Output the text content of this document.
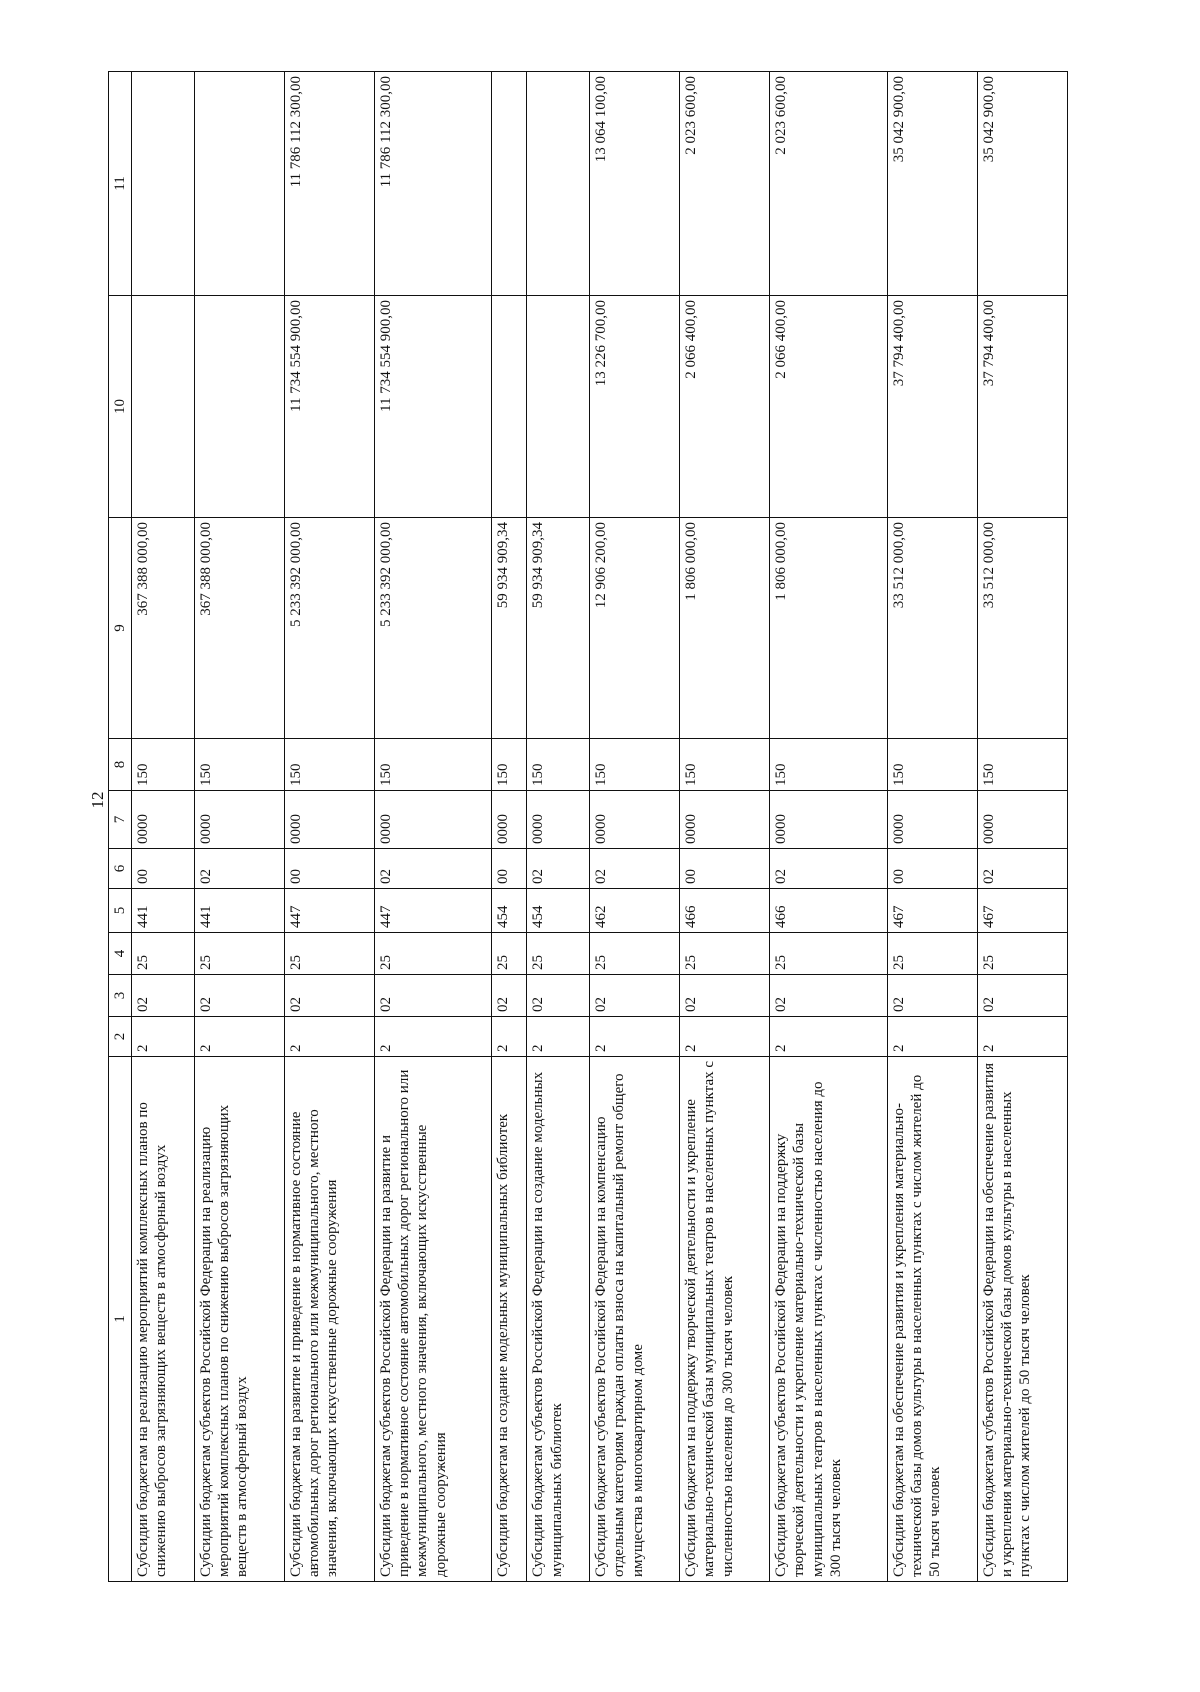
12
1	2	3	4	5	6	7	8	9	10	11
Субсидии бюджетам на реализацию мероприятий комплексных планов по снижению выбросов загрязняющих веществ в атмосферный воздух	2	02	25	441	00	0000	150	367 388 000,00		
Субсидии бюджетам субъектов Российской Федерации на реализацию мероприятий комплексных планов по снижению выбросов загрязняющих веществ в атмосферный воздух	2	02	25	441	02	0000	150	367 388 000,00		
Субсидии бюджетам на развитие и приведение в нормативное состояние автомобильных дорог регионального или межмуниципального, местного значения, включающих искусственные дорожные сооружения	2	02	25	447	00	0000	150	5 233 392 000,00	11 734 554 900,00	11 786 112 300,00
Субсидии бюджетам субъектов Российской Федерации на развитие и приведение в нормативное состояние автомобильных дорог регионального или межмуниципального, местного значения, включающих искусственные дорожные сооружения	2	02	25	447	02	0000	150	5 233 392 000,00	11 734 554 900,00	11 786 112 300,00
Субсидии бюджетам на создание модельных муниципальных библиотек	2	02	25	454	00	0000	150	59 934 909,34		
Субсидии бюджетам субъектов Российской Федерации на создание модельных муниципальных библиотек	2	02	25	454	02	0000	150	59 934 909,34		
Субсидии бюджетам субъектов Российской Федерации на компенсацию отдельным категориям граждан оплаты взноса на капитальный ремонт общего имущества в многоквартирном доме	2	02	25	462	02	0000	150	12 906 200,00	13 226 700,00	13 064 100,00
Субсидии бюджетам на поддержку творческой деятельности и укрепление материально-технической базы муниципальных театров в населенных пунктах с численностью населения до 300 тысяч человек	2	02	25	466	00	0000	150	1 806 000,00	2 066 400,00	2 023 600,00
Субсидии бюджетам субъектов Российской Федерации на поддержку творческой деятельности и укрепление материально-технической базы муниципальных театров в населенных пунктах с численностью населения до 300 тысяч человек	2	02	25	466	02	0000	150	1 806 000,00	2 066 400,00	2 023 600,00
Субсидии бюджетам на обеспечение развития и укрепления материально-технической базы домов культуры в населенных пунктах с числом жителей до 50 тысяч человек	2	02	25	467	00	0000	150	33 512 000,00	37 794 400,00	35 042 900,00
Субсидии бюджетам субъектов Российской Федерации на обеспечение развития и укрепления материально-технической базы домов культуры в населенных пунктах с числом жителей до 50 тысяч человек	2	02	25	467	02	0000	150	33 512 000,00	37 794 400,00	35 042 900,00
